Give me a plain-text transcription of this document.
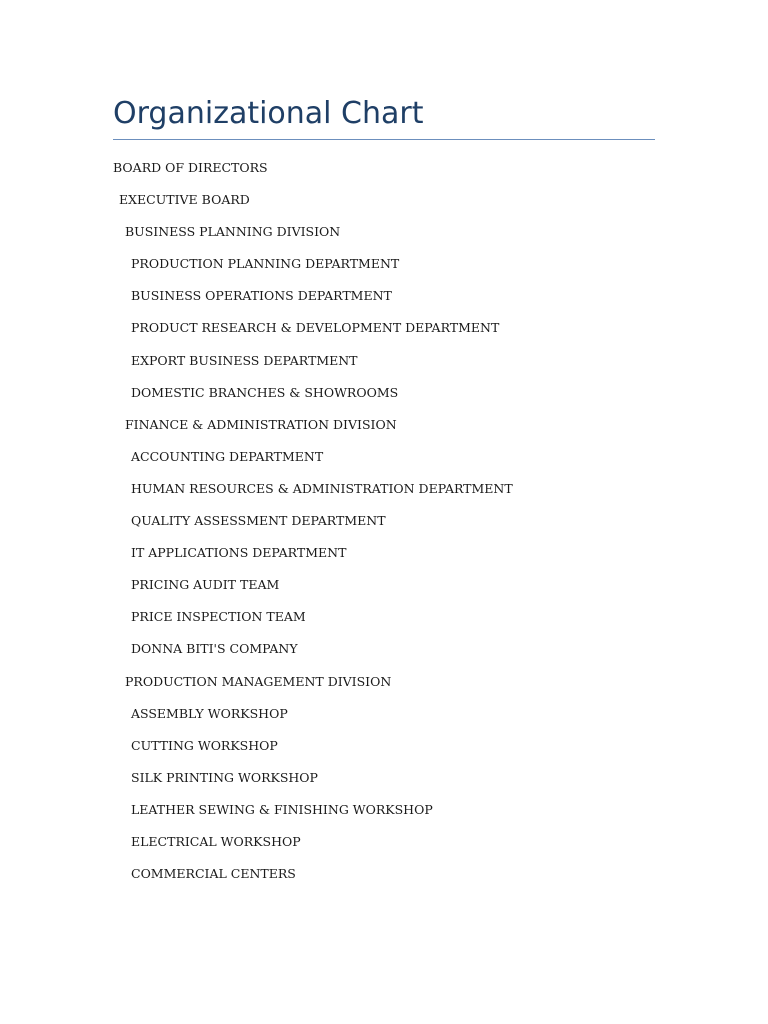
Organizational Chart
BOARD OF DIRECTORS
EXECUTIVE BOARD
BUSINESS PLANNING DIVISION
PRODUCTION PLANNING DEPARTMENT
BUSINESS OPERATIONS DEPARTMENT
PRODUCT RESEARCH & DEVELOPMENT DEPARTMENT
EXPORT BUSINESS DEPARTMENT
DOMESTIC BRANCHES & SHOWROOMS
FINANCE & ADMINISTRATION DIVISION
ACCOUNTING DEPARTMENT
HUMAN RESOURCES & ADMINISTRATION DEPARTMENT
QUALITY ASSESSMENT DEPARTMENT
IT APPLICATIONS DEPARTMENT
PRICING AUDIT TEAM
PRICE INSPECTION TEAM
DONNA BITI'S COMPANY
PRODUCTION MANAGEMENT DIVISION
ASSEMBLY WORKSHOP
CUTTING WORKSHOP
SILK PRINTING WORKSHOP
LEATHER SEWING & FINISHING WORKSHOP
ELECTRICAL WORKSHOP
COMMERCIAL CENTERS
